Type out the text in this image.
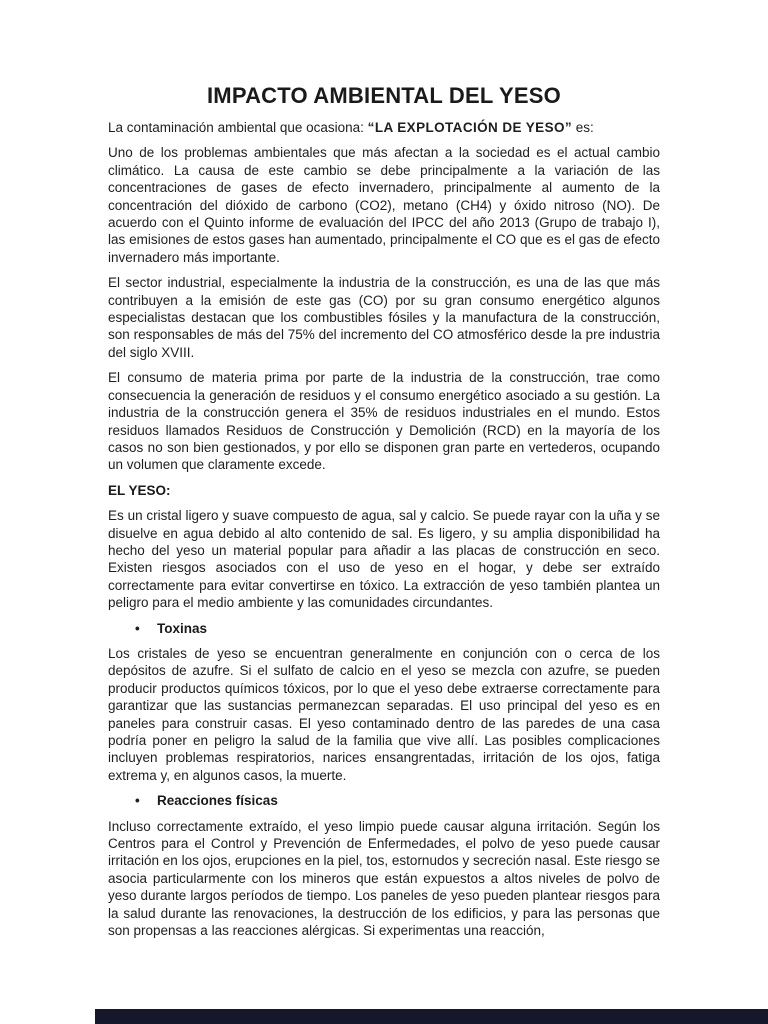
IMPACTO AMBIENTAL DEL YESO

La contaminación ambiental que ocasiona: “LA EXPLOTACIÓN DE YESO” es:

Uno de los problemas ambientales que más afectan a la sociedad es el actual cambio climático. La causa de este cambio se debe principalmente a la variación de las concentraciones de gases de efecto invernadero, principalmente al aumento de la concentración del dióxido de carbono (CO2), metano (CH4) y óxido nitroso (NO). De acuerdo con el Quinto informe de evaluación del IPCC del año 2013 (Grupo de trabajo I), las emisiones de estos gases han aumentado, principalmente el CO que es el gas de efecto invernadero más importante.

El sector industrial, especialmente la industria de la construcción, es una de las que más contribuyen a la emisión de este gas (CO) por su gran consumo energético algunos especialistas destacan que los combustibles fósiles y la manufactura de la construcción, son responsables de más del 75% del incremento del CO atmosférico desde la pre industria del siglo XVIII.

El consumo de materia prima por parte de la industria de la construcción, trae como consecuencia la generación de residuos y el consumo energético asociado a su gestión. La industria de la construcción genera el 35% de residuos industriales en el mundo. Estos residuos llamados Residuos de Construcción y Demolición (RCD) en la mayoría de los casos no son bien gestionados, y por ello se disponen gran parte en vertederos, ocupando un volumen que claramente excede.

EL YESO:

Es un cristal ligero y suave compuesto de agua, sal y calcio. Se puede rayar con la uña y se disuelve en agua debido al alto contenido de sal. Es ligero, y su amplia disponibilidad ha hecho del yeso un material popular para añadir a las placas de construcción en seco. Existen riesgos asociados con el uso de yeso en el hogar, y debe ser extraído correctamente para evitar convertirse en tóxico. La extracción de yeso también plantea un peligro para el medio ambiente y las comunidades circundantes.

• Toxinas

Los cristales de yeso se encuentran generalmente en conjunción con o cerca de los depósitos de azufre. Si el sulfato de calcio en el yeso se mezcla con azufre, se pueden producir productos químicos tóxicos, por lo que el yeso debe extraerse correctamente para garantizar que las sustancias permanezcan separadas. El uso principal del yeso es en paneles para construir casas. El yeso contaminado dentro de las paredes de una casa podría poner en peligro la salud de la familia que vive allí. Las posibles complicaciones incluyen problemas respiratorios, narices ensangrentadas, irritación de los ojos, fatiga extrema y, en algunos casos, la muerte.

• Reacciones físicas

Incluso correctamente extraído, el yeso limpio puede causar alguna irritación. Según los Centros para el Control y Prevención de Enfermedades, el polvo de yeso puede causar irritación en los ojos, erupciones en la piel, tos, estornudos y secreción nasal. Este riesgo se asocia particularmente con los mineros que están expuestos a altos niveles de polvo de yeso durante largos períodos de tiempo. Los paneles de yeso pueden plantear riesgos para la salud durante las renovaciones, la destrucción de los edificios, y para las personas que son propensas a las reacciones alérgicas. Si experimentas una reacción,
